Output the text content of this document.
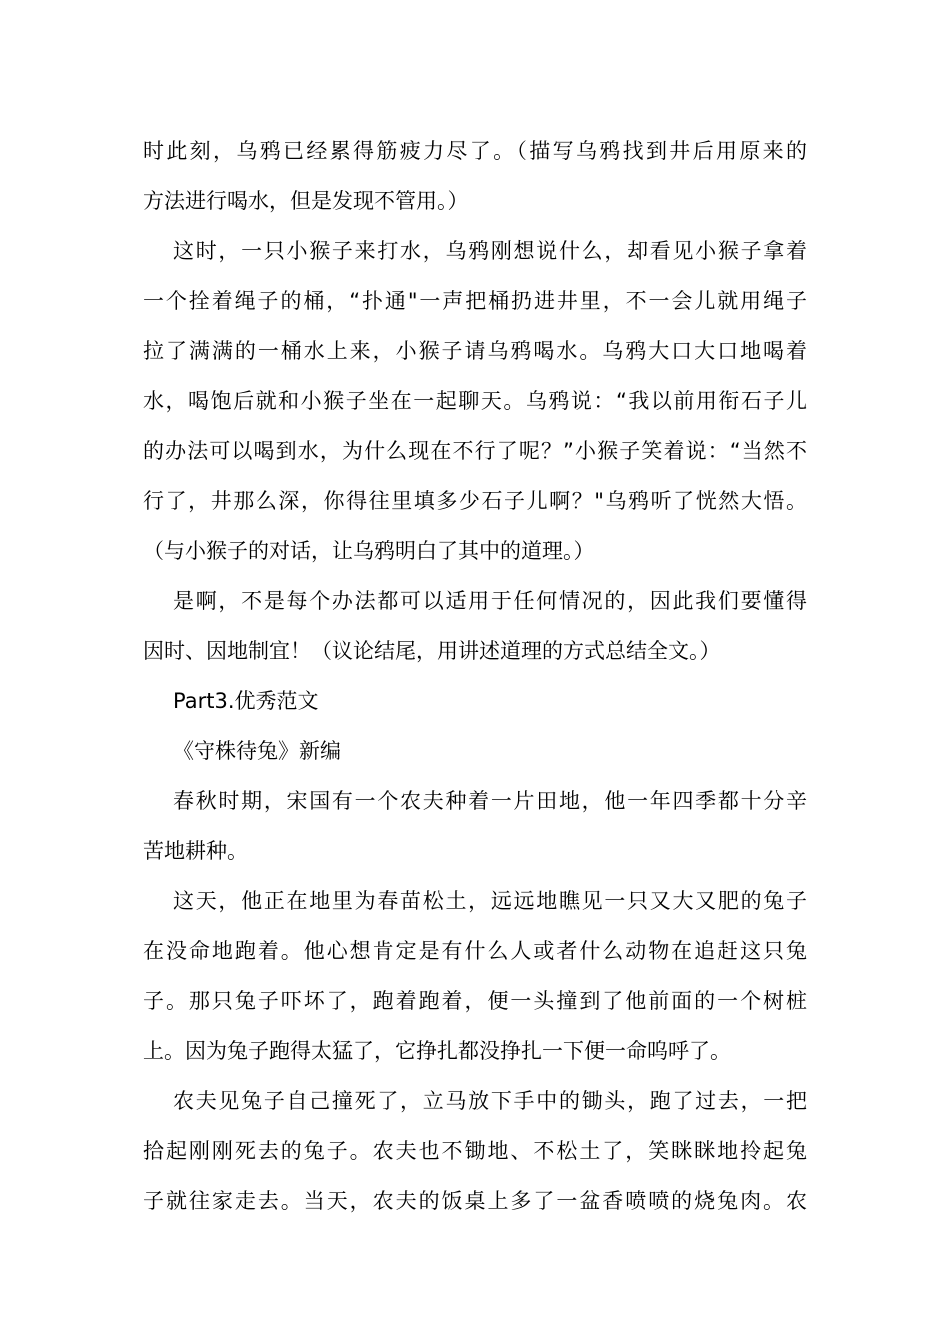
时此刻，乌鸦已经累得筋疲力尽了。（描写乌鸦找到井后用原来的
方法进行喝水，但是发现不管用。）
这时，一只小猴子来打水，乌鸦刚想说什么，却看见小猴子拿着
一个拴着绳子的桶，“扑通"一声把桶扔进井里，不一会儿就用绳子
拉了满满的一桶水上来，小猴子请乌鸦喝水。乌鸦大口大口地喝着
水，喝饱后就和小猴子坐在一起聊天。乌鸦说：“我以前用衔石子儿
的办法可以喝到水，为什么现在不行了呢？”小猴子笑着说：“当然不
行了，井那么深，你得往里填多少石子儿啊？"乌鸦听了恍然大悟。
（与小猴子的对话，让乌鸦明白了其中的道理。）
是啊，不是每个办法都可以适用于任何情况的，因此我们要懂得
因时、因地制宜！（议论结尾，用讲述道理的方式总结全文。）
Part3.优秀范文
《守株待兔》新编
春秋时期，宋国有一个农夫种着一片田地，他一年四季都十分辛
苦地耕种。
这天，他正在地里为春苗松土，远远地瞧见一只又大又肥的兔子
在没命地跑着。他心想肯定是有什么人或者什么动物在追赶这只兔
子。那只兔子吓坏了，跑着跑着，便一头撞到了他前面的一个树桩
上。因为兔子跑得太猛了，它挣扎都没挣扎一下便一命呜呼了。
农夫见兔子自己撞死了，立马放下手中的锄头，跑了过去，一把
拾起刚刚死去的兔子。农夫也不锄地、不松土了，笑眯眯地拎起兔
子就往家走去。当天，农夫的饭桌上多了一盆香喷喷的烧兔肉。农
